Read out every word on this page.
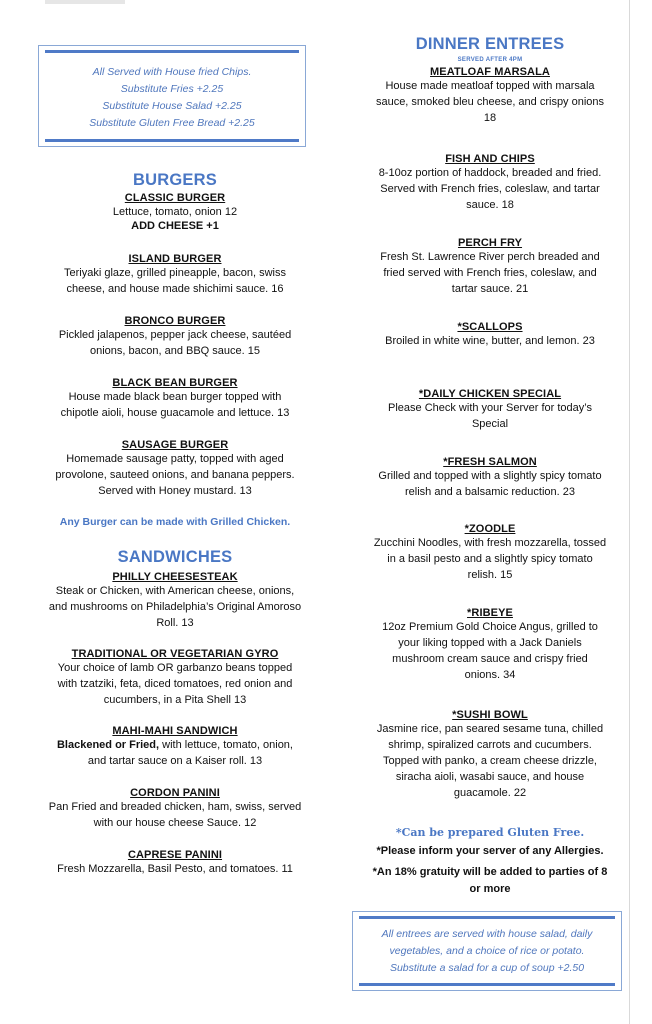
All Served with House fried Chips.
Substitute Fries +2.25
Substitute House Salad +2.25
Substitute Gluten Free Bread +2.25
BURGERS
CLASSIC BURGER
Lettuce, tomato, onion 12
ADD CHEESE +1
ISLAND BURGER
Teriyaki glaze, grilled pineapple, bacon, swiss
cheese, and house made shichimi sauce. 16
BRONCO BURGER
Pickled jalapenos, pepper jack cheese, sautéed
onions, bacon, and BBQ sauce. 15
BLACK BEAN BURGER
House made black bean burger topped with
chipotle aioli, house guacamole and lettuce. 13
SAUSAGE BURGER
Homemade sausage patty, topped with aged
provolone, sauteed onions, and banana peppers.
Served with Honey mustard. 13
Any Burger can be made with Grilled Chicken.
SANDWICHES
PHILLY CHEESESTEAK
Steak or Chicken, with American cheese, onions,
and mushrooms on Philadelphia’s Original Amoroso
Roll. 13
TRADITIONAL OR VEGETARIAN GYRO
Your choice of lamb OR garbanzo beans topped
with tzatziki, feta, diced tomatoes, red onion and
cucumbers, in a Pita Shell 13
MAHI-MAHI SANDWICH
Blackened or Fried, with lettuce, tomato, onion,
and tartar sauce on a Kaiser roll. 13
CORDON PANINI
Pan Fried and breaded chicken, ham, swiss, served
with our house cheese Sauce. 12
CAPRESE PANINI
Fresh Mozzarella, Basil Pesto, and tomatoes. 11
DINNER ENTREES
SERVED AFTER 4PM
MEATLOAF MARSALA
House made meatloaf topped with marsala
sauce, smoked bleu cheese, and crispy onions
18
FISH AND CHIPS
8-10oz portion of haddock, breaded and fried.
Served with French fries, coleslaw, and tartar
sauce. 18
PERCH FRY
Fresh St. Lawrence River perch breaded and
fried served with French fries, coleslaw, and
tartar sauce. 21
*SCALLOPS
Broiled in white wine, butter, and lemon. 23
*DAILY CHICKEN SPECIAL
Please Check with your Server for today’s
Special
*FRESH SALMON
Grilled and topped with a slightly spicy tomato
relish and a balsamic reduction. 23
*ZOODLE
Zucchini Noodles, with fresh mozzarella, tossed
in a basil pesto and a slightly spicy tomato
relish. 15
*RIBEYE
12oz Premium Gold Choice Angus, grilled to
your liking topped with a Jack Daniels
mushroom cream sauce and crispy fried
onions. 34
*SUSHI BOWL
Jasmine rice, pan seared sesame tuna, chilled
shrimp, spiralized carrots and cucumbers.
Topped with panko, a cream cheese drizzle,
siracha aioli, wasabi sauce, and house
guacamole. 22
*Can be prepared Gluten Free.
*Please inform your server of any Allergies.
*An 18% gratuity will be added to parties of 8
or more
All entrees are served with house salad, daily
vegetables, and a choice of rice or potato.
Substitute a salad for a cup of soup +2.50
